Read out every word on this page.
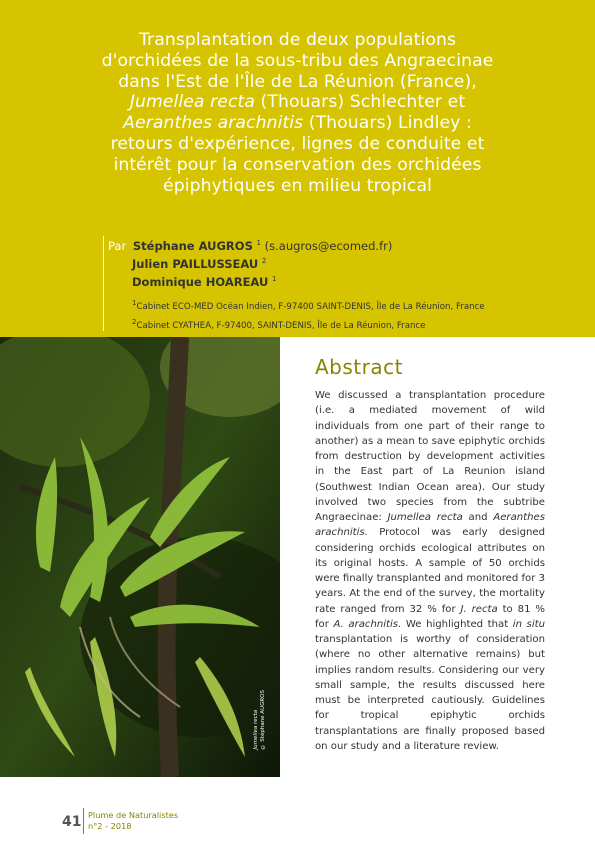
Transplantation de deux populations
d'orchidées de la sous-tribu des Angraecinae
dans l'Est de l'Île de La Réunion (France),
Jumellea recta (Thouars) Schlechter et
Aeranthes arachnitis (Thouars) Lindley :
retours d'expérience, lignes de conduite et
intérêt pour la conservation des orchidées
épiphytiques en milieu tropical
Par Stéphane AUGROS $^1$ (s.augros@ecomed.fr)
Julien PAILLUSSEAU $^2$
Dominique HOAREAU $^1$
$^1$Cabinet ECO-MED Océan Indien, F-97400 SAINT-DENIS, Île de La Réunion, France
$^2$Cabinet CYATHEA, F-97400, SAINT-DENIS, Île de La Réunion, France
Jumellea recta © Stéphane AUGROS
Abstract

We discussed a transplantation procedure (i.e. a mediated movement of wild individuals from one part of their range to another) as a mean to save epiphytic orchids from destruction by development activities in the East part of La Reunion island (Southwest Indian Ocean area). Our study involved two species from the subtribe Angraecinae: Jumellea recta and Aeranthes arachnitis. Protocol was early designed considering orchids ecological attributes on its original hosts. A sample of 50 orchids were finally transplanted and monitored for 3 years. At the end of the survey, the mortality rate ranged from 32 % for J. recta to 81 % for A. arachnitis. We highlighted that in situ transplantation is worthy of consideration (where no other alternative remains) but implies random results. Considering our very small sample, the results discussed here must be interpreted cautiously. Guidelines for tropical epiphytic orchids transplantations are finally proposed based on our study and a literature review.

41 Plume de Naturalistes
n°2 - 2018
